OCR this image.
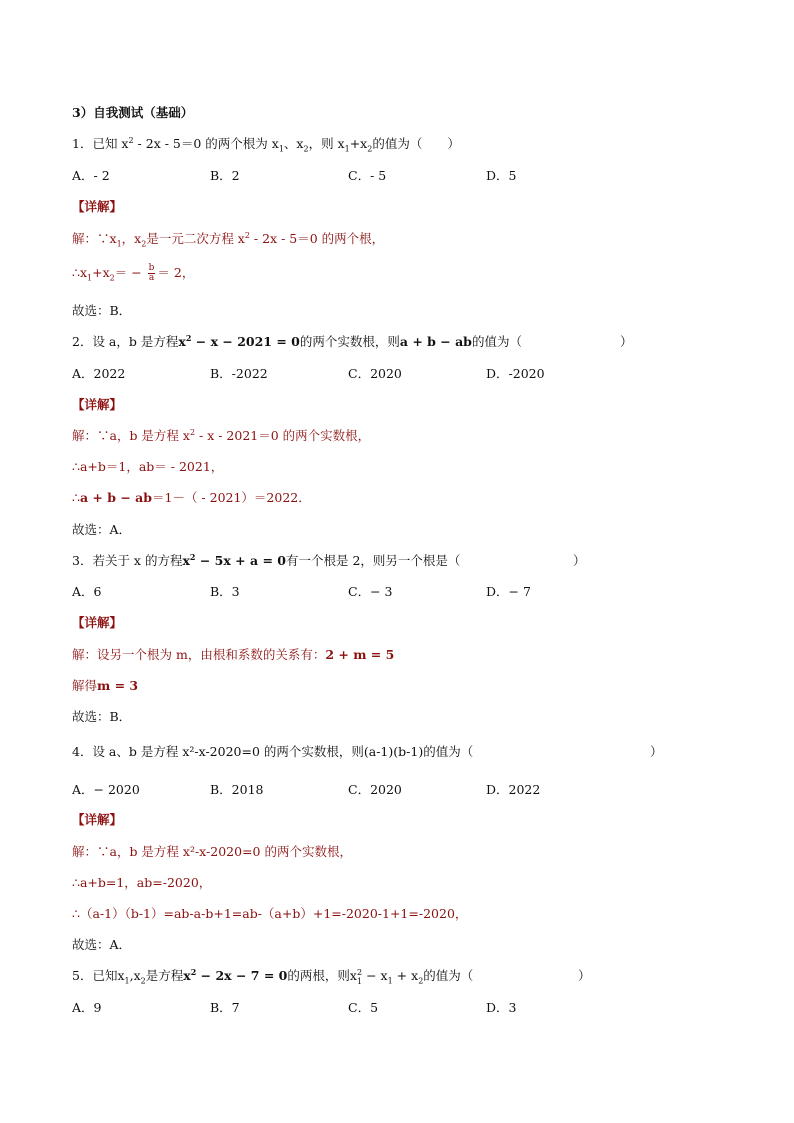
3）自我测试（基础）
1．已知 $x^2 - 2x - 5=0$ 的两个根为 $x_1$、$x_2$，则 $x_1+x_2$的值为（　　）
A．- 2	B．2	C．- 5	D．5
【详解】
解：$\because x_1$，$x_2$是一元二次方程 $x^2 - 2x - 5=0$ 的两个根，
$\therefore x_1+x_2= - \frac{b}{a} = 2$，
故选：B．
2．设 a，b 是方程$x^2 - x - 2021 = 0$的两个实数根，则a + b − ab的值为（	）
A．2022	B．-2022	C．2020	D．-2020
【详解】
解：∵a，b 是方程 $x^2 - x - 2021=0$ 的两个实数根，
∴a+b＝1，ab＝ - 2021，
∴a + b − ab＝1－（ - 2021）＝2022．
故选：A．
3．若关于 x 的方程$x^2 - 5x + a = 0$有一个根是 2，则另一个根是（	）
A．6	B．3	C．− 3	D．− 7
【详解】
解：设另一个根为 m，由根和系数的关系有：2 + m = 5
解得m = 3
故选：B．
4．设 a、b 是方程 x²-x-2020=0 的两个实数根，则(a-1)(b-1)的值为（	）
A．− 2020	B．2018	C．2020	D．2022
【详解】
解：∵a，b 是方程 x²-x-2020=0 的两个实数根，
∴a+b=1，ab=-2020，
∴（a-1）（b-1）=ab-a-b+1=ab-（a+b）+1=-2020-1+1=-2020，
故选：A．
5．已知$x_1,x_2$是方程$x^2 - 2x - 7 = 0$的两根，则$x^2_1 - x_1 + x_2$的值为（	）
A．9	B．7	C．5	D．3
